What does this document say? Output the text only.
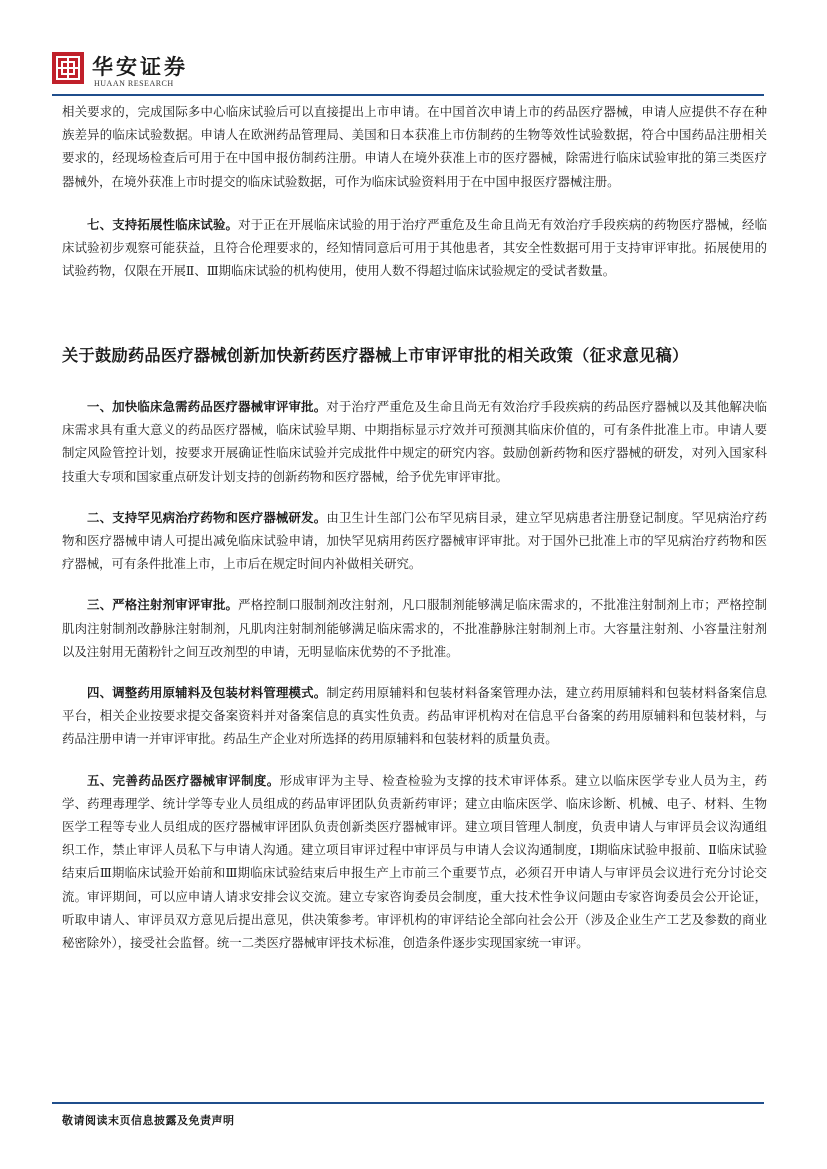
华安证券
HUAAN RESEARCH

相关要求的，完成国际多中心临床试验后可以直接提出上市申请。在中国首次申请上市的药品医疗器械，申请人应提供不存在种族差异的临床试验数据。申请人在欧洲药品管理局、美国和日本获准上市仿制药的生物等效性试验数据，符合中国药品注册相关要求的，经现场检查后可用于在中国申报仿制药注册。申请人在境外获准上市的医疗器械，除需进行临床试验审批的第三类医疗器械外，在境外获准上市时提交的临床试验数据，可作为临床试验资料用于在中国申报医疗器械注册。

七、支持拓展性临床试验。对于正在开展临床试验的用于治疗严重危及生命且尚无有效治疗手段疾病的药物医疗器械，经临床试验初步观察可能获益，且符合伦理要求的，经知情同意后可用于其他患者，其安全性数据可用于支持审评审批。拓展使用的试验药物，仅限在开展Ⅱ、Ⅲ期临床试验的机构使用，使用人数不得超过临床试验规定的受试者数量。

关于鼓励药品医疗器械创新加快新药医疗器械上市审评审批的相关政策（征求意见稿）

一、加快临床急需药品医疗器械审评审批。对于治疗严重危及生命且尚无有效治疗手段疾病的药品医疗器械以及其他解决临床需求具有重大意义的药品医疗器械，临床试验早期、中期指标显示疗效并可预测其临床价值的，可有条件批准上市。申请人要制定风险管控计划，按要求开展确证性临床试验并完成批件中规定的研究内容。鼓励创新药物和医疗器械的研发，对列入国家科技重大专项和国家重点研发计划支持的创新药物和医疗器械，给予优先审评审批。

二、支持罕见病治疗药物和医疗器械研发。由卫生计生部门公布罕见病目录，建立罕见病患者注册登记制度。罕见病治疗药物和医疗器械申请人可提出减免临床试验申请，加快罕见病用药医疗器械审评审批。对于国外已批准上市的罕见病治疗药物和医疗器械，可有条件批准上市，上市后在规定时间内补做相关研究。

三、严格注射剂审评审批。严格控制口服制剂改注射剂，凡口服制剂能够满足临床需求的，不批准注射制剂上市；严格控制肌肉注射制剂改静脉注射制剂，凡肌肉注射制剂能够满足临床需求的，不批准静脉注射制剂上市。大容量注射剂、小容量注射剂以及注射用无菌粉针之间互改剂型的申请，无明显临床优势的不予批准。

四、调整药用原辅料及包装材料管理模式。制定药用原辅料和包装材料备案管理办法，建立药用原辅料和包装材料备案信息平台，相关企业按要求提交备案资料并对备案信息的真实性负责。药品审评机构对在信息平台备案的药用原辅料和包装材料，与药品注册申请一并审评审批。药品生产企业对所选择的药用原辅料和包装材料的质量负责。

五、完善药品医疗器械审评制度。形成审评为主导、检查检验为支撑的技术审评体系。建立以临床医学专业人员为主，药学、药理毒理学、统计学等专业人员组成的药品审评团队负责新药审评；建立由临床医学、临床诊断、机械、电子、材料、生物医学工程等专业人员组成的医疗器械审评团队负责创新类医疗器械审评。建立项目管理人制度，负责申请人与审评员会议沟通组织工作，禁止审评人员私下与申请人沟通。建立项目审评过程中审评员与申请人会议沟通制度，Ⅰ期临床试验申报前、Ⅱ临床试验结束后Ⅲ期临床试验开始前和Ⅲ期临床试验结束后申报生产上市前三个重要节点，必须召开申请人与审评员会议进行充分讨论交流。审评期间，可以应申请人请求安排会议交流。建立专家咨询委员会制度，重大技术性争议问题由专家咨询委员会公开论证，听取申请人、审评员双方意见后提出意见，供决策参考。审评机构的审评结论全部向社会公开（涉及企业生产工艺及参数的商业秘密除外），接受社会监督。统一二类医疗器械审评技术标准，创造条件逐步实现国家统一审评。

敬请阅读末页信息披露及免责声明
